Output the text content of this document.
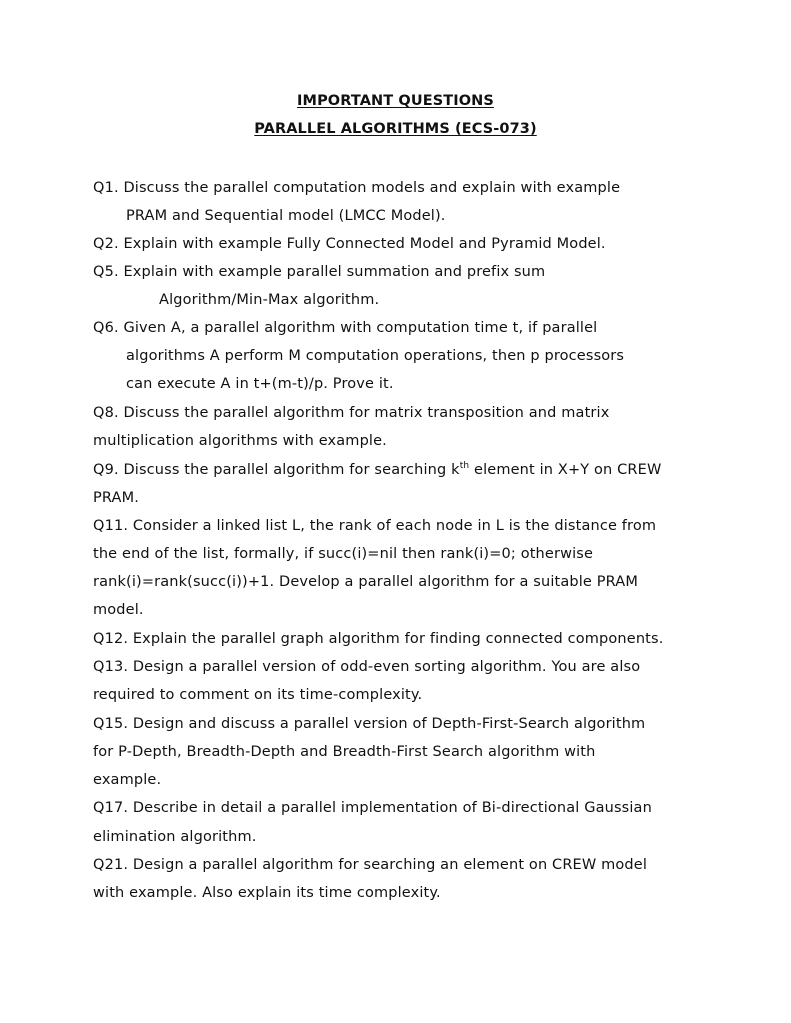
IMPORTANT QUESTIONS
PARALLEL ALGORITHMS (ECS-073)
Q1. Discuss the parallel computation models and explain with example
PRAM and Sequential model (LMCC Model).
Q2. Explain with example Fully Connected Model and Pyramid Model.
Q5. Explain with example parallel summation and prefix sum
Algorithm/Min-Max algorithm.
Q6. Given A, a parallel algorithm with computation time t, if parallel
algorithms A perform M computation operations, then p processors
can execute A in t+(m-t)/p. Prove it.
Q8. Discuss the parallel algorithm for matrix transposition and matrix
multiplication algorithms with example.
Q9. Discuss the parallel algorithm for searching $k^{th}$ element in X+Y on CREW
PRAM.
Q11. Consider a linked list L, the rank of each node in L is the distance from
the end of the list, formally, if succ(i)=nil then rank(i)=0; otherwise
rank(i)=rank(succ(i))+1. Develop a parallel algorithm for a suitable PRAM
model.
Q12. Explain the parallel graph algorithm for finding connected components.
Q13. Design a parallel version of odd-even sorting algorithm. You are also
required to comment on its time-complexity.
Q15. Design and discuss a parallel version of Depth-First-Search algorithm
for P-Depth, Breadth-Depth and Breadth-First Search algorithm with
example.
Q17. Describe in detail a parallel implementation of Bi-directional Gaussian
elimination algorithm.
Q21. Design a parallel algorithm for searching an element on CREW model
with example. Also explain its time complexity.
